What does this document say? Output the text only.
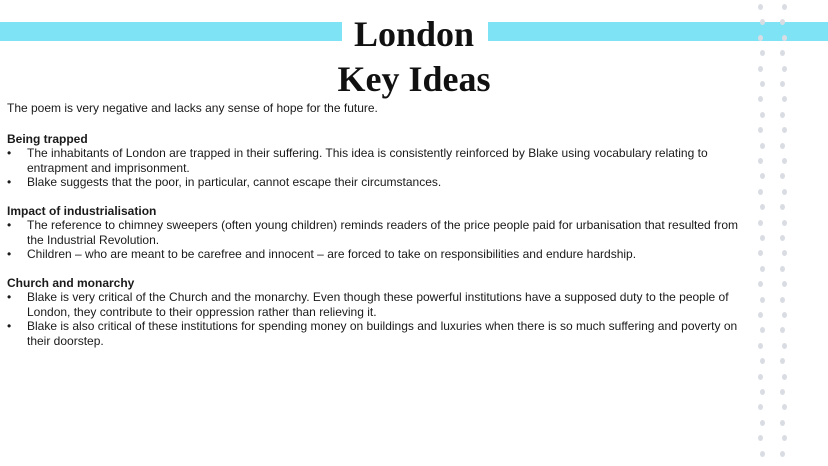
London
Key Ideas

The poem is very negative and lacks any sense of hope for the future.

Being trapped

• The inhabitants of London are trapped in their suffering. This idea is consistently reinforced by Blake using vocabulary relating to entrapment and imprisonment.
• Blake suggests that the poor, in particular, cannot escape their circumstances.

Impact of industrialisation

• The reference to chimney sweepers (often young children) reminds readers of the price people paid for urbanisation that resulted from the Industrial Revolution.
• Children – who are meant to be carefree and innocent – are forced to take on responsibilities and endure hardship.

Church and monarchy

• Blake is very critical of the Church and the monarchy. Even though these powerful institutions have a supposed duty to the people of London, they contribute to their oppression rather than relieving it.
• Blake is also critical of these institutions for spending money on buildings and luxuries when there is so much suffering and poverty on their doorstep.
